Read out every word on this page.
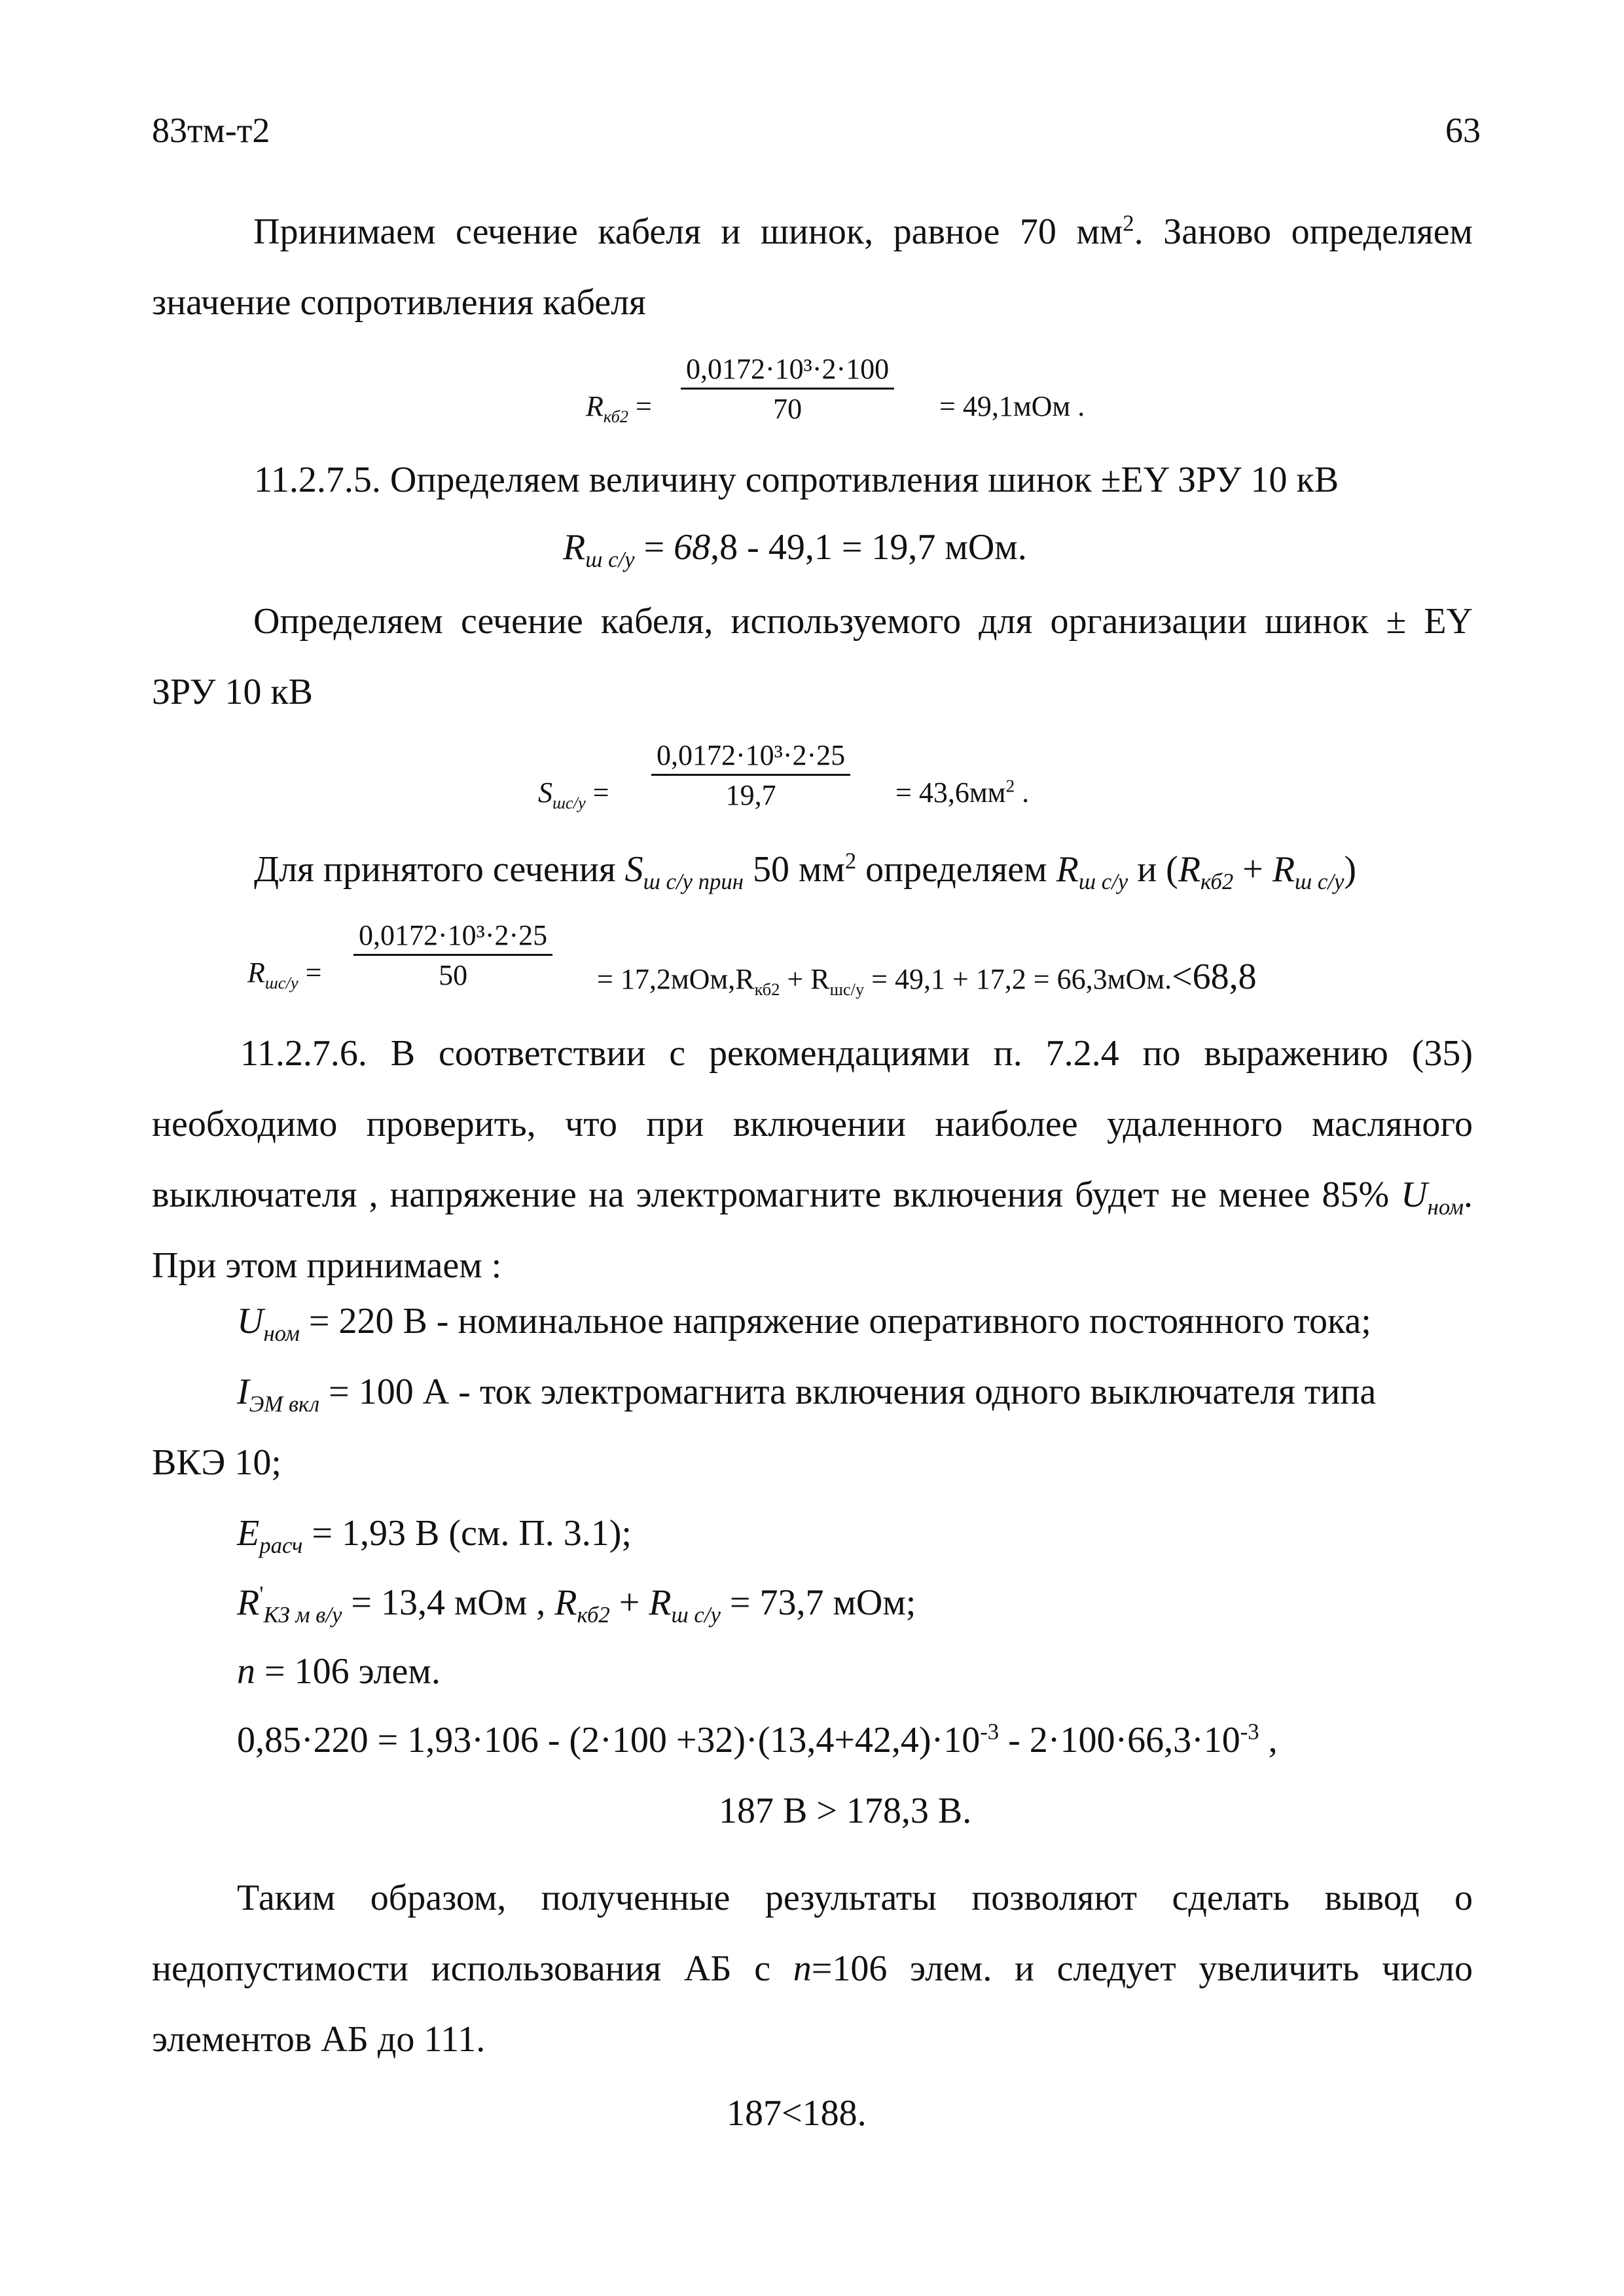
83тм-т2	63
Принимаем сечение кабеля и шинок, равное 70 $мм^2$. Заново определяем значение сопротивления кабеля
$R_{кб2} = \frac{\text{0,0172·10³·2·100}}{70} = 49,1мОм$ .
11.2.7.5. Определяем величину сопротивления шинок ±EY ЗРУ 10 кВ
$R_{ш с/у} = 68,8 - 49,1 = 19,7$ мОм.
Определяем сечение кабеля, используемого для организации шинок ± EY ЗРУ 10 кВ
$S_{шс/у} = \frac{\text{0,0172·10³·2·25}}{19,7} = 43,6мм^2$ .
Для принятого сечения $S_{ш с/у прин}$ 50 $мм^2$ определяем $R_{ш с/у}$ и $(R_{кб2} + R_{ш с/у})$
$R_{шс/у} = \frac{\text{0,0172·10³·2·25}}{50} = 17,2мОм,R_{кб2} + R_{шс/у} = 49,1 + 17,2 = 66,3мОм.<68,8$
11.2.7.6. В соответствии с рекомендациями п. 7.2.4 по выражению (35) необходимо проверить, что при включении наиболее удаленного масляного выключателя , напряжение на электромагните включения будет не менее 85% $U_{ном}$. При этом принимаем :
$U_{ном} = 220$ В - номинальное напряжение оперативного постоянного тока;
$I_{ЭМ вкл} = 100$ А - ток электромагнита включения одного выключателя типа
ВКЭ 10;
$E_{расч} = 1,93$ В (см. П. 3.1);
$R'_{КЗ м в/у} = 13,4$ мОм , $R_{кб2} + R_{ш с/у} = 73,7$ мОм;
n = 106 элем.
$0,85\cdot 220 = 1,93\cdot 106 - (2\cdot 100 +32)\cdot(13,4+42,4)\cdot 10^{-3} - 2\cdot 100\cdot 66,3\cdot 10^{-3}$ ,
187 В > 178,3 В.
Таким образом, полученные результаты позволяют сделать вывод о недопустимости использования АБ с n=106 элем. и следует увеличить число элементов АБ до 111.
187<188.
